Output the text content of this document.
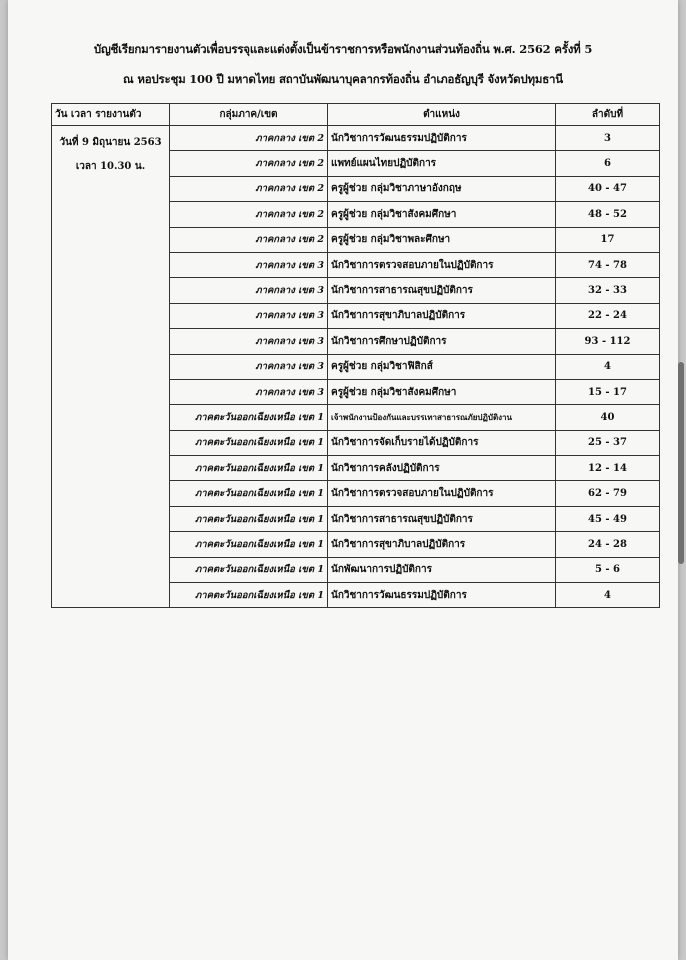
บัญชีเรียกมารายงานตัวเพื่อบรรจุและแต่งตั้งเป็นข้าราชการหรือพนักงานส่วนท้องถิ่น พ.ศ. 2562 ครั้งที่ 5
ณ หอประชุม 100 ปี มหาดไทย สถาบันพัฒนาบุคลากรท้องถิ่น อำเภอธัญบุรี จังหวัดปทุมธานี
วัน เวลา รายงานตัว	กลุ่มภาค/เขต	ตำแหน่ง	ลำดับที่

วันที่ 9 มิถุนายน 2563
เวลา 10.30 น.	ภาคกลาง เขต 2	นักวิชาการวัฒนธรรมปฏิบัติการ	3
	ภาคกลาง เขต 2	แพทย์แผนไทยปฏิบัติการ	6
	ภาคกลาง เขต 2	ครูผู้ช่วย กลุ่มวิชาภาษาอังกฤษ	40 - 47
	ภาคกลาง เขต 2	ครูผู้ช่วย กลุ่มวิชาสังคมศึกษา	48 - 52
	ภาคกลาง เขต 2	ครูผู้ช่วย กลุ่มวิชาพละศึกษา	17
	ภาคกลาง เขต 3	นักวิชาการตรวจสอบภายในปฏิบัติการ	74 - 78
	ภาคกลาง เขต 3	นักวิชาการสาธารณสุขปฏิบัติการ	32 - 33
	ภาคกลาง เขต 3	นักวิชาการสุขาภิบาลปฏิบัติการ	22 - 24
	ภาคกลาง เขต 3	นักวิชาการศึกษาปฏิบัติการ	93 - 112
	ภาคกลาง เขต 3	ครูผู้ช่วย กลุ่มวิชาฟิสิกส์	4
	ภาคกลาง เขต 3	ครูผู้ช่วย กลุ่มวิชาสังคมศึกษา	15 - 17
	ภาคตะวันออกเฉียงเหนือ เขต 1	เจ้าพนักงานป้องกันและบรรเทาสาธารณภัยปฏิบัติงาน	40
	ภาคตะวันออกเฉียงเหนือ เขต 1	นักวิชาการจัดเก็บรายได้ปฏิบัติการ	25 - 37
	ภาคตะวันออกเฉียงเหนือ เขต 1	นักวิชาการคลังปฏิบัติการ	12 - 14
	ภาคตะวันออกเฉียงเหนือ เขต 1	นักวิชาการตรวจสอบภายในปฏิบัติการ	62 - 79
	ภาคตะวันออกเฉียงเหนือ เขต 1	นักวิชาการสาธารณสุขปฏิบัติการ	45 - 49
	ภาคตะวันออกเฉียงเหนือ เขต 1	นักวิชาการสุขาภิบาลปฏิบัติการ	24 - 28
	ภาคตะวันออกเฉียงเหนือ เขต 1	นักพัฒนาการปฏิบัติการ	5 - 6
	ภาคตะวันออกเฉียงเหนือ เขต 1	นักวิชาการวัฒนธรรมปฏิบัติการ	4
